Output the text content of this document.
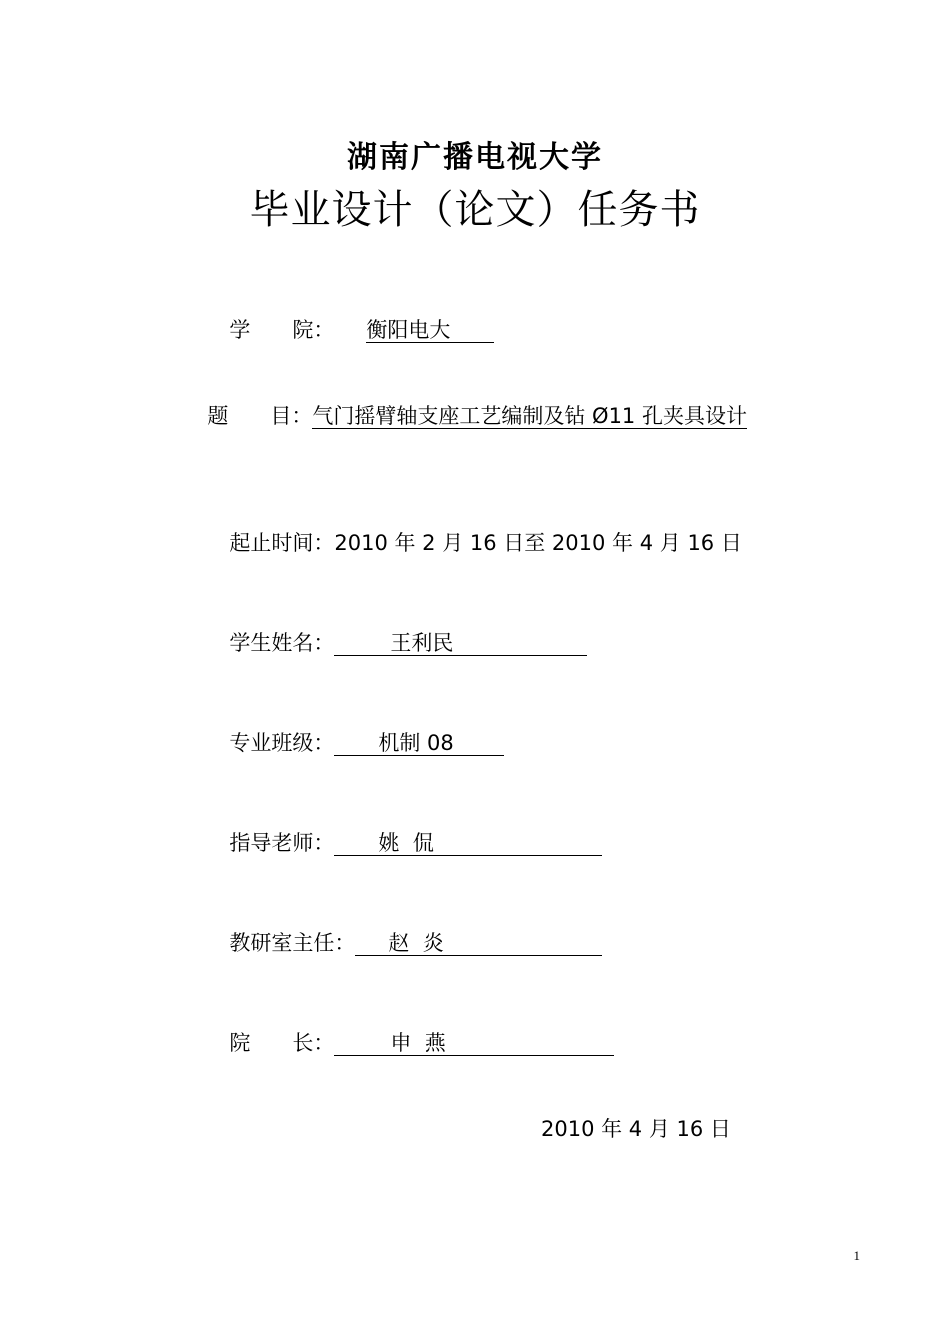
湖南广播电视大学
毕业设计（论文）任务书

学　　院： 衡阳电大

题　　目：气门摇臂轴支座工艺编制及钻 Ø11 孔夹具设计

起止时间：2010 年 2 月 16 日至 2010 年 4 月 16 日

学生姓名：	王利民

专业班级： 机制 08

指导老师： 姚  侃

教研室主任： 赵  炎

院　　长：	申  燕

2010 年 4 月 16 日
1
